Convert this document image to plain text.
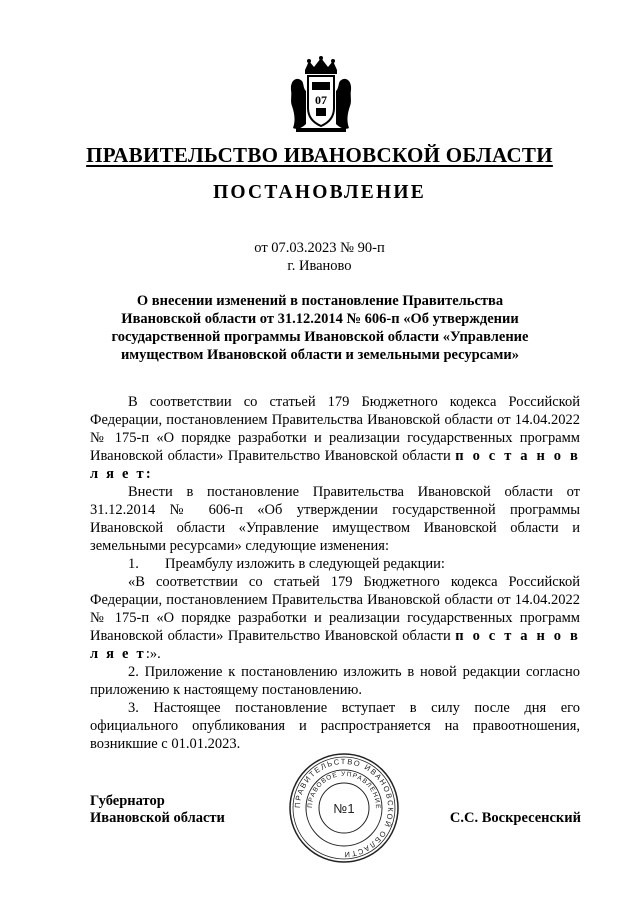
07
ПРАВИТЕЛЬСТВО ИВАНОВСКОЙ ОБЛАСТИ
ПОСТАНОВЛЕНИЕ
от 07.03.2023 № 90-п
г. Иваново
О внесении изменений в постановление Правительства
Ивановской области от 31.12.2014 № 606-п «Об утверждении
государственной программы Ивановской области «Управление
имуществом Ивановской области и земельными ресурсами»

В соответствии со статьей 179 Бюджетного кодекса Российской Федерации, постановлением Правительства Ивановской области от 14.04.2022 № 175-п «О порядке разработки и реализации государственных программ Ивановской области» Правительство Ивановской области п о с т а н о в л я е т:

Внести в постановление Правительства Ивановской области от 31.12.2014 № 606-п «Об утверждении государственной программы Ивановской области «Управление имуществом Ивановской области и земельными ресурсами» следующие изменения:

1. Преамбулу изложить в следующей редакции:

«В соответствии со статьей 179 Бюджетного кодекса Российской Федерации, постановлением Правительства Ивановской области от 14.04.2022 № 175-п «О порядке разработки и реализации государственных программ Ивановской области» Правительство Ивановской области п о с т а н о в л я е т:».

2. Приложение к постановлению изложить в новой редакции согласно приложению к настоящему постановлению.

3. Настоящее постановление вступает в силу после дня его официального опубликования и распространяется на правоотношения, возникшие с 01.01.2023.

Губернатор
Ивановской области	С.С. Воскресенский
ПРАВИТЕЛЬСТВО ИВАНОВСКОЙ ОБЛАСТИ
ПРАВОВОЕ УПРАВЛЕНИЕ
№1
